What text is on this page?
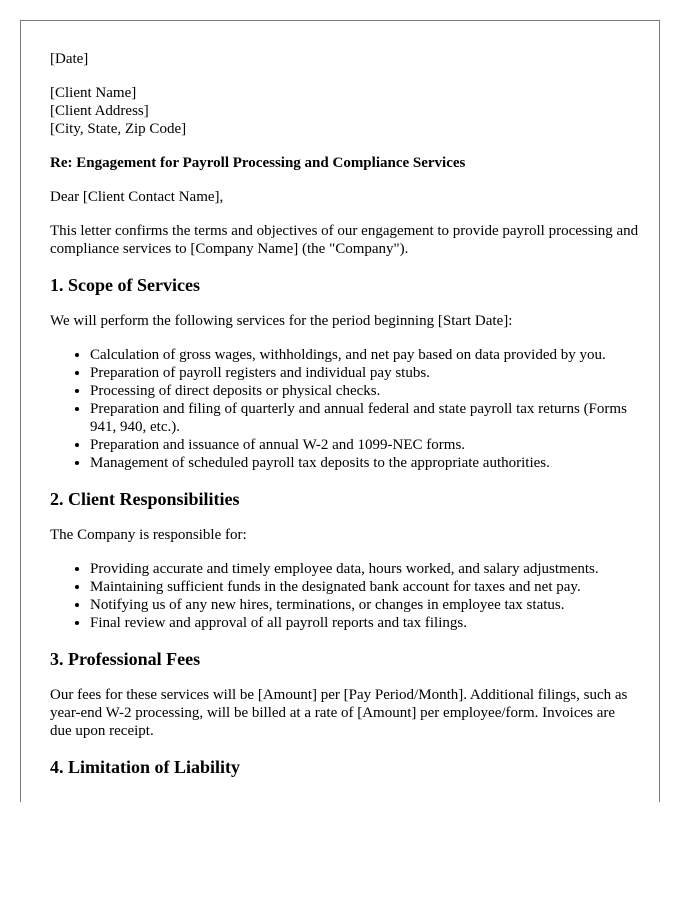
[Date]
[Client Name]
[Client Address]
[City, State, Zip Code]
Re: Engagement for Payroll Processing and Compliance Services
Dear [Client Contact Name],
This letter confirms the terms and objectives of our engagement to provide payroll processing and compliance services to [Company Name] (the "Company").
1. Scope of Services
We will perform the following services for the period beginning [Start Date]:
• Calculation of gross wages, withholdings, and net pay based on data provided by you.
• Preparation of payroll registers and individual pay stubs.
• Processing of direct deposits or physical checks.
• Preparation and filing of quarterly and annual federal and state payroll tax returns (Forms 941, 940, etc.).
• Preparation and issuance of annual W-2 and 1099-NEC forms.
• Management of scheduled payroll tax deposits to the appropriate authorities.
2. Client Responsibilities
The Company is responsible for:
• Providing accurate and timely employee data, hours worked, and salary adjustments.
• Maintaining sufficient funds in the designated bank account for taxes and net pay.
• Notifying us of any new hires, terminations, or changes in employee tax status.
• Final review and approval of all payroll reports and tax filings.
3. Professional Fees
Our fees for these services will be [Amount] per [Pay Period/Month]. Additional filings, such as year-end W-2 processing, will be billed at a rate of [Amount] per employee/form. Invoices are due upon receipt.
4. Limitation of Liability
